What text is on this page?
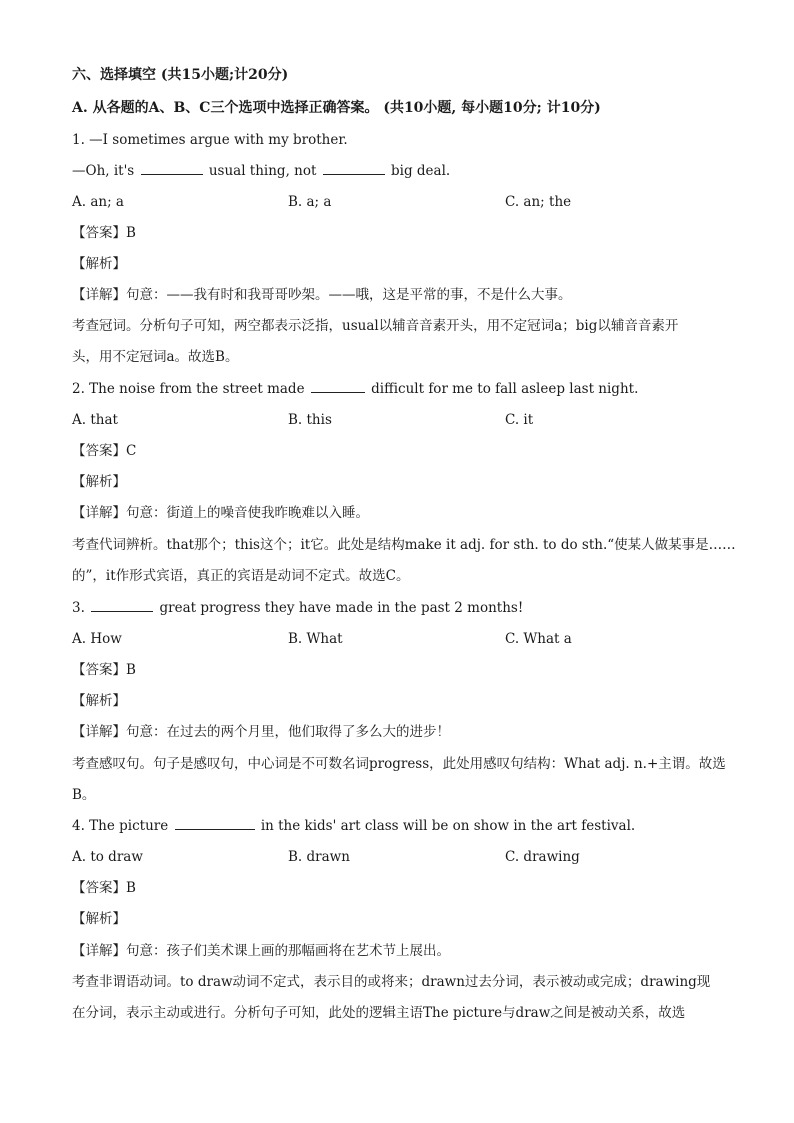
六、选择填空 (共15小题;计20分)
A. 从各题的A、B、C三个选项中选择正确答案。 (共10小题, 每小题10分; 计10分)
1. —I sometimes argue with my brother.
—Oh, it's	usual thing, not	big deal.
A. an; a	B. a; a	C. an; the
【答案】B
【解析】
【详解】句意：——我有时和我哥哥吵架。——哦，这是平常的事，不是什么大事。
考查冠词。分析句子可知，两空都表示泛指，usual以辅音音素开头，用不定冠词a；big以辅音音素开
头，用不定冠词a。故选B。
2. The noise from the street made	difficult for me to fall asleep last night.
A. that	B. this	C. it
【答案】C
【解析】
【详解】句意：街道上的噪音使我昨晚难以入睡。
考查代词辨析。that那个；this这个；it它。此处是结构make it adj. for sth. to do sth.“使某人做某事是……
的”，it作形式宾语，真正的宾语是动词不定式。故选C。
3.	great progress they have made in the past 2 months!
A. How	B. What	C. What a
【答案】B
【解析】
【详解】句意：在过去的两个月里，他们取得了多么大的进步！
考查感叹句。句子是感叹句，中心词是不可数名词progress，此处用感叹句结构：What adj. n.+主谓。故选
B。
4. The picture	in the kids' art class will be on show in the art festival.
A. to draw	B. drawn	C. drawing
【答案】B
【解析】
【详解】句意：孩子们美术课上画的那幅画将在艺术节上展出。
考查非谓语动词。to draw动词不定式，表示目的或将来；drawn过去分词，表示被动或完成；drawing现
在分词，表示主动或进行。分析句子可知，此处的逻辑主语The picture与draw之间是被动关系，故选
